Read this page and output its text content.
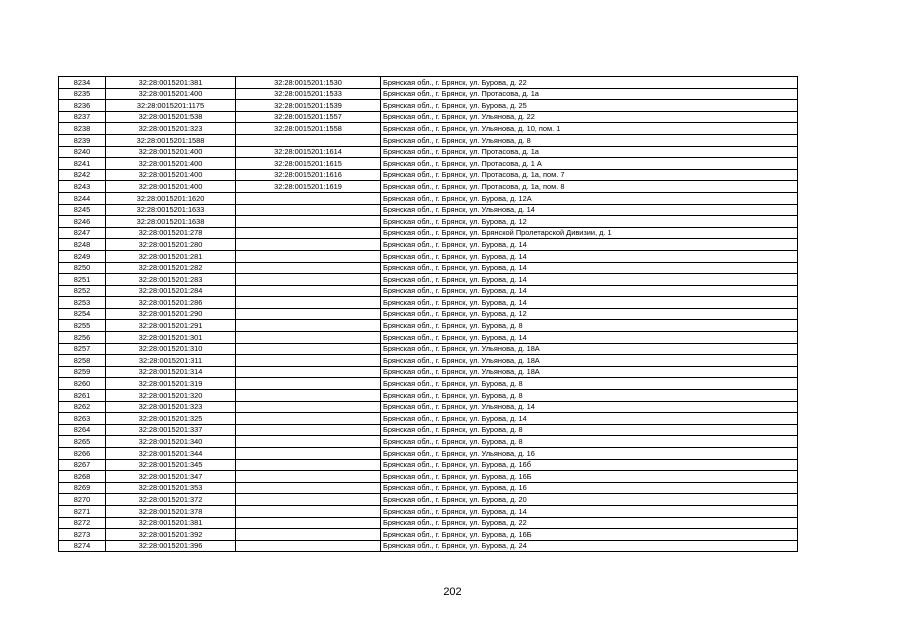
8234	32:28:0015201:381	32:28:0015201:1530	Брянская обл., г. Брянск, ул. Бурова, д. 22
8235	32:28:0015201:400	32:28:0015201:1533	Брянская обл., г. Брянск, ул. Протасова, д. 1а
8236	32:28:0015201:1175	32:28:0015201:1539	Брянская обл., г. Брянск, ул. Бурова, д. 25
8237	32:28:0015201:538	32:28:0015201:1557	Брянская обл., г. Брянск, ул. Ульянова, д. 22
8238	32:28:0015201:323	32:28:0015201:1558	Брянская обл., г. Брянск, ул. Ульянова, д. 10, пом. 1
8239	32:28:0015201:1588		Брянская обл., г. Брянск, ул. Ульянова, д. 8
8240	32:28:0015201:400	32:28:0015201:1614	Брянская обл., г. Брянск, ул. Протасова, д. 1а
8241	32:28:0015201:400	32:28:0015201:1615	Брянская обл., г. Брянск, ул. Протасова, д. 1 А
8242	32:28:0015201:400	32:28:0015201:1616	Брянская обл., г. Брянск, ул. Протасова, д. 1а, пом. 7
8243	32:28:0015201:400	32:28:0015201:1619	Брянская обл., г. Брянск, ул. Протасова, д. 1а, пом. 8
8244	32:28:0015201:1620		Брянская обл., г. Брянск, ул. Бурова, д. 12А
8245	32:28:0015201:1633		Брянская обл., г. Брянск, ул. Ульянова, д. 14
8246	32:28:0015201:1638		Брянская обл., г. Брянск, ул. Бурова, д. 12
8247	32:28:0015201:278		Брянская обл., г. Брянск, ул. Брянской Пролетарской Дивизии, д. 1
8248	32:28:0015201:280		Брянская обл., г. Брянск, ул. Бурова, д. 14
8249	32:28:0015201:281		Брянская обл., г. Брянск, ул. Бурова, д. 14
8250	32:28:0015201:282		Брянская обл., г. Брянск, ул. Бурова, д. 14
8251	32:28:0015201:283		Брянская обл., г. Брянск, ул. Бурова, д. 14
8252	32:28:0015201:284		Брянская обл., г. Брянск, ул. Бурова, д. 14
8253	32:28:0015201:286		Брянская обл., г. Брянск, ул. Бурова, д. 14
8254	32:28:0015201:290		Брянская обл., г. Брянск, ул. Бурова, д. 12
8255	32:28:0015201:291		Брянская обл., г. Брянск, ул. Бурова, д. 8
8256	32:28:0015201:301		Брянская обл., г. Брянск, ул. Бурова, д. 14
8257	32:28:0015201:310		Брянская обл., г. Брянск, ул. Ульянова, д. 18А
8258	32:28:0015201:311		Брянская обл., г. Брянск, ул. Ульянова, д. 18А
8259	32:28:0015201:314		Брянская обл., г. Брянск, ул. Ульянова, д. 18А
8260	32:28:0015201:319		Брянская обл., г. Брянск, ул. Бурова, д. 8
8261	32:28:0015201:320		Брянская обл., г. Брянск, ул. Бурова, д. 8
8262	32:28:0015201:323		Брянская обл., г. Брянск, ул. Ульянова, д. 14
8263	32:28:0015201:325		Брянская обл., г. Брянск, ул. Бурова, д. 14
8264	32:28:0015201:337		Брянская обл., г. Брянск, ул. Бурова, д. 8
8265	32:28:0015201:340		Брянская обл., г. Брянск, ул. Бурова, д. 8
8266	32:28:0015201:344		Брянская обл., г. Брянск, ул. Ульянова, д. 16
8267	32:28:0015201:345		Брянская обл., г. Брянск, ул. Бурова, д. 16б
8268	32:28:0015201:347		Брянская обл., г. Брянск, ул. Бурова, д. 16Б
8269	32:28:0015201:353		Брянская обл., г. Брянск, ул. Бурова, д. 16
8270	32:28:0015201:372		Брянская обл., г. Брянск, ул. Бурова, д. 20
8271	32:28:0015201:378		Брянская обл., г. Брянск, ул. Бурова, д. 14
8272	32:28:0015201:381		Брянская обл., г. Брянск, ул. Бурова, д. 22
8273	32:28:0015201:392		Брянская обл., г. Брянск, ул. Бурова, д. 16Б
8274	32:28:0015201:396		Брянская обл., г. Брянск, ул. Бурова, д. 24
202
